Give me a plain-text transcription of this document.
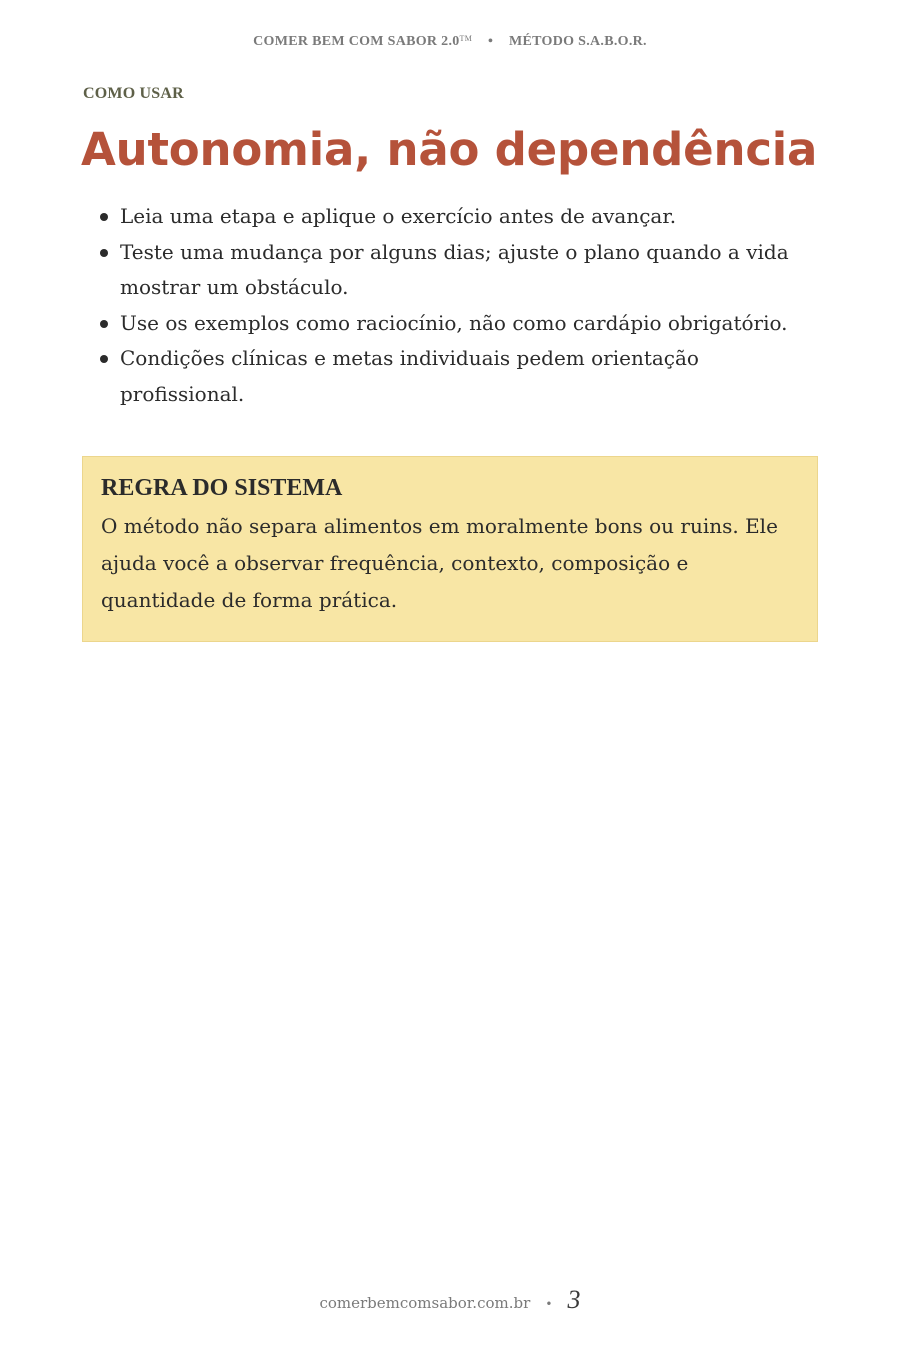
COMER BEM COM SABOR 2.0™ • MÉTODO S.A.B.O.R.
COMO USAR
Autonomia, não dependência
Leia uma etapa e aplique o exercício antes de avançar.
Teste uma mudança por alguns dias; ajuste o plano quando a vida mostrar um obstáculo.
Use os exemplos como raciocínio, não como cardápio obrigatório.
Condições clínicas e metas individuais pedem orientação profissional.
REGRA DO SISTEMA

O método não separa alimentos em moralmente bons ou ruins. Ele ajuda você a observar frequência, contexto, composição e quantidade de forma prática.

comerbemcomsabor.com.br • 3
